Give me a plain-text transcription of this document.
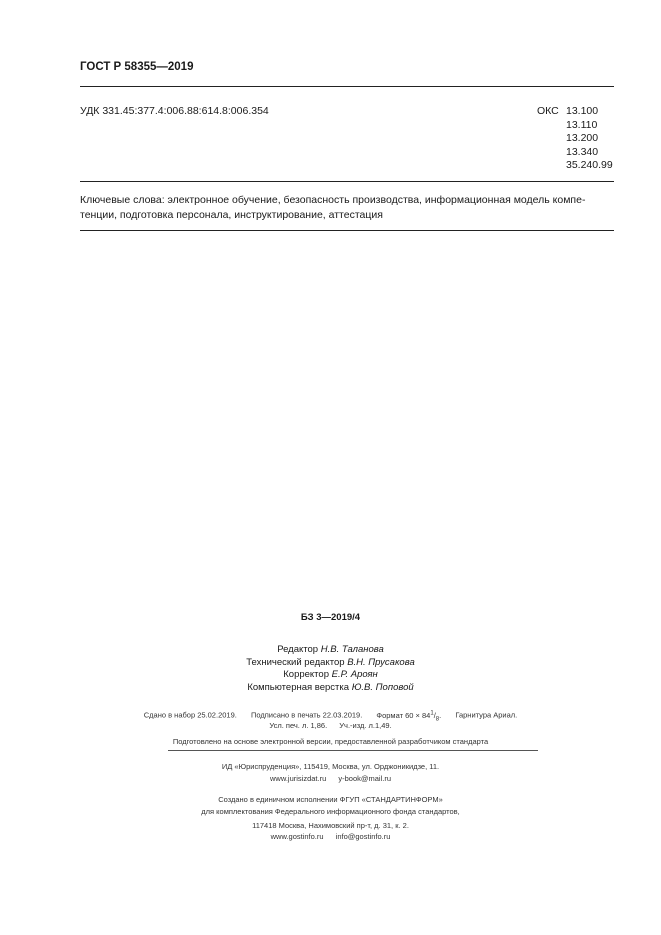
ГОСТ Р 58355—2019
УДК 331.45:377.4:006.88:614.8:006.354	ОКС 13.100
13.110
13.200
13.340
35.240.99
Ключевые слова: электронное обучение, безопасность производства, информационная модель компе-
тенции, подготовка персонала, инструктирование, аттестация
БЗ 3—2019/4
Редактор Н.В. Таланова
Технический редактор В.Н. Прусакова
Корректор Е.Р. Ароян
Компьютерная верстка Ю.В. Поповой
Сдано в набор 25.02.2019. Подписано в печать 22.03.2019. Формат $60 \times 84^1/_8$. Гарнитура Ариал.
Усл. печ. л. 1,86. Уч.-изд. л.1,49.
Подготовлено на основе электронной версии, предоставленной разработчиком стандарта
ИД «Юриспруденция», 115419, Москва, ул. Орджоникидзе, 11.
www.jurisizdat.ru y-book@mail.ru
Создано в единичном исполнении ФГУП «СТАНДАРТИНФОРМ»
для комплектования Федерального информационного фонда стандартов,
117418 Москва, Нахимовский пр-т, д. 31, к. 2.
www.gostinfo.ru info@gostinfo.ru
